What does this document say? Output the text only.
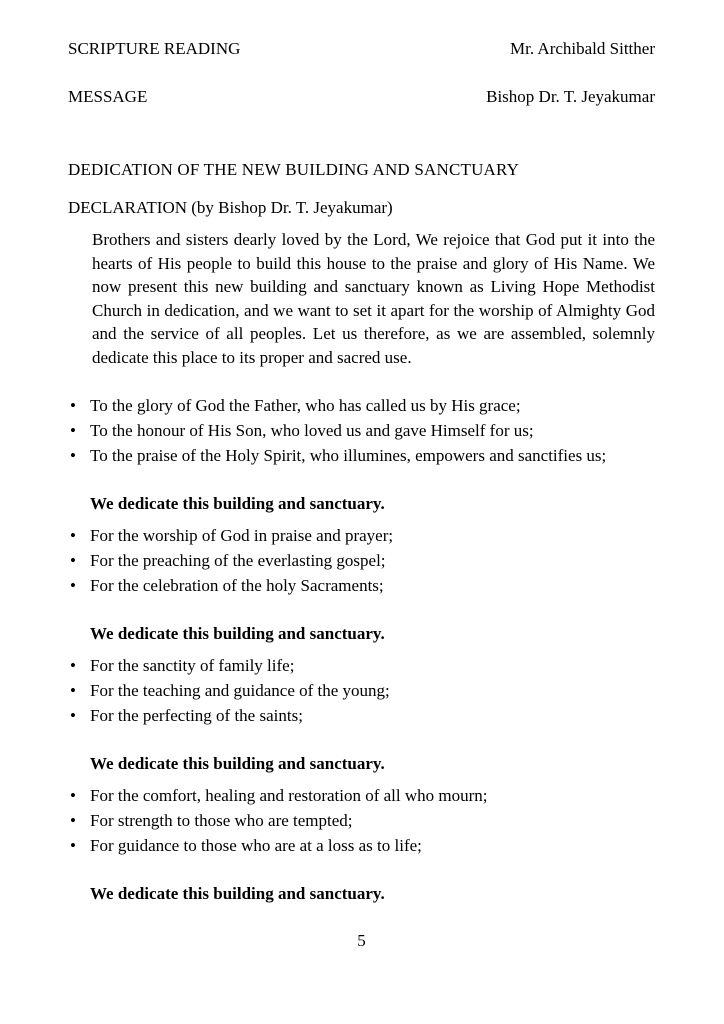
SCRIPTURE READING	Mr. Archibald Sitther
MESSAGE	Bishop Dr. T. Jeyakumar
DEDICATION OF THE NEW BUILDING AND SANCTUARY
DECLARATION (by Bishop Dr. T. Jeyakumar)

Brothers and sisters dearly loved by the Lord, We rejoice that God put it into the hearts of His people to build this house to the praise and glory of His Name. We now present this new building and sanctuary known as Living Hope Methodist Church in dedication, and we want to set it apart for the worship of Almighty God and the service of all peoples. Let us therefore, as we are assembled, solemnly dedicate this place to its proper and sacred use.

• To the glory of God the Father, who has called us by His grace;
• To the honour of His Son, who loved us and gave Himself for us;
• To the praise of the Holy Spirit, who illumines, empowers and sanctifies us;

We dedicate this building and sanctuary.

• For the worship of God in praise and prayer;
• For the preaching of the everlasting gospel;
• For the celebration of the holy Sacraments;

We dedicate this building and sanctuary.

• For the sanctity of family life;
• For the teaching and guidance of the young;
• For the perfecting of the saints;

We dedicate this building and sanctuary.

• For the comfort, healing and restoration of all who mourn;
• For strength to those who are tempted;
• For guidance to those who are at a loss as to life;

We dedicate this building and sanctuary.

5
